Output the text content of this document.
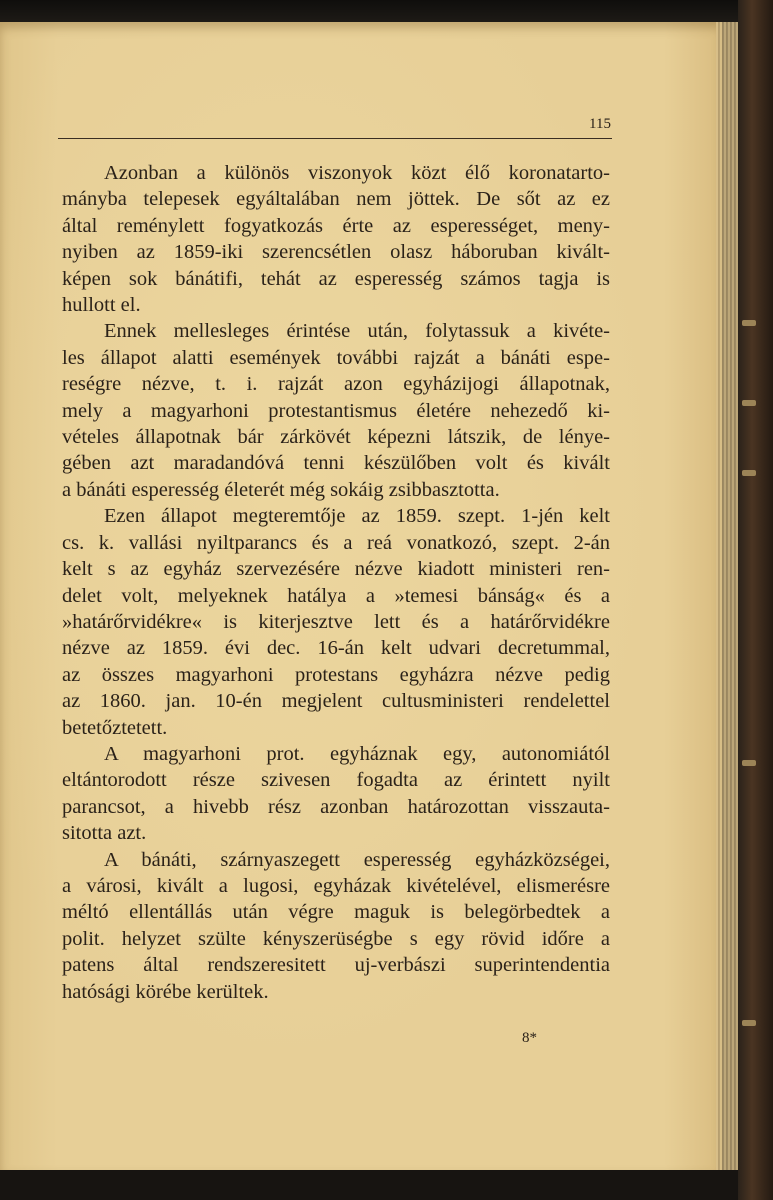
115

Azonban a különös viszonyok közt élő koronatarto-
mányba telepesek egyáltalában nem jöttek. De sőt az ez
által reménylett fogyatkozás érte az esperességet, meny-
nyiben az 1859-iki szerencsétlen olasz háboruban kivált-
képen sok bánátifi, tehát az esperesség számos tagja is
hullott el.

Ennek mellesleges érintése után, folytassuk a kivéte-
les állapot alatti események további rajzát a bánáti espe-
reségre nézve, t. i. rajzát azon egyházijogi állapotnak,
mely a magyarhoni protestantismus életére nehezedő ki-
vételes állapotnak bár zárkövét képezni látszik, de lénye-
gében azt maradandóvá tenni készülőben volt és kivált
a bánáti esperesség életerét még sokáig zsibbasztotta.

Ezen állapot megteremtője az 1859. szept. 1-jén kelt
cs. k. vallási nyiltparancs és a reá vonatkozó, szept. 2-án
kelt s az egyház szervezésére nézve kiadott ministeri ren-
delet volt, melyeknek hatálya a »temesi bánság« és a
»határőrvidékre« is kiterjesztve lett és a határőrvidékre
nézve az 1859. évi dec. 16-án kelt udvari decretummal,
az összes magyarhoni protestans egyházra nézve pedig
az 1860. jan. 10-én megjelent cultusministeri rendelettel
betetőztetett.

A magyarhoni prot. egyháznak egy, autonomiától
eltántorodott része szivesen fogadta az érintett nyilt
parancsot, a hivebb rész azonban határozottan visszauta-
sitotta azt.

A bánáti, szárnyaszegett esperesség egyházközségei,
a városi, kivált a lugosi, egyházak kivételével, elismerésre
méltó ellentállás után végre maguk is belegörbedtek a
polit. helyzet szülte kényszerüségbe s egy rövid időre a
patens által rendszeresitett uj-verbászi superintendentia
hatósági körébe kerültek.

8*
